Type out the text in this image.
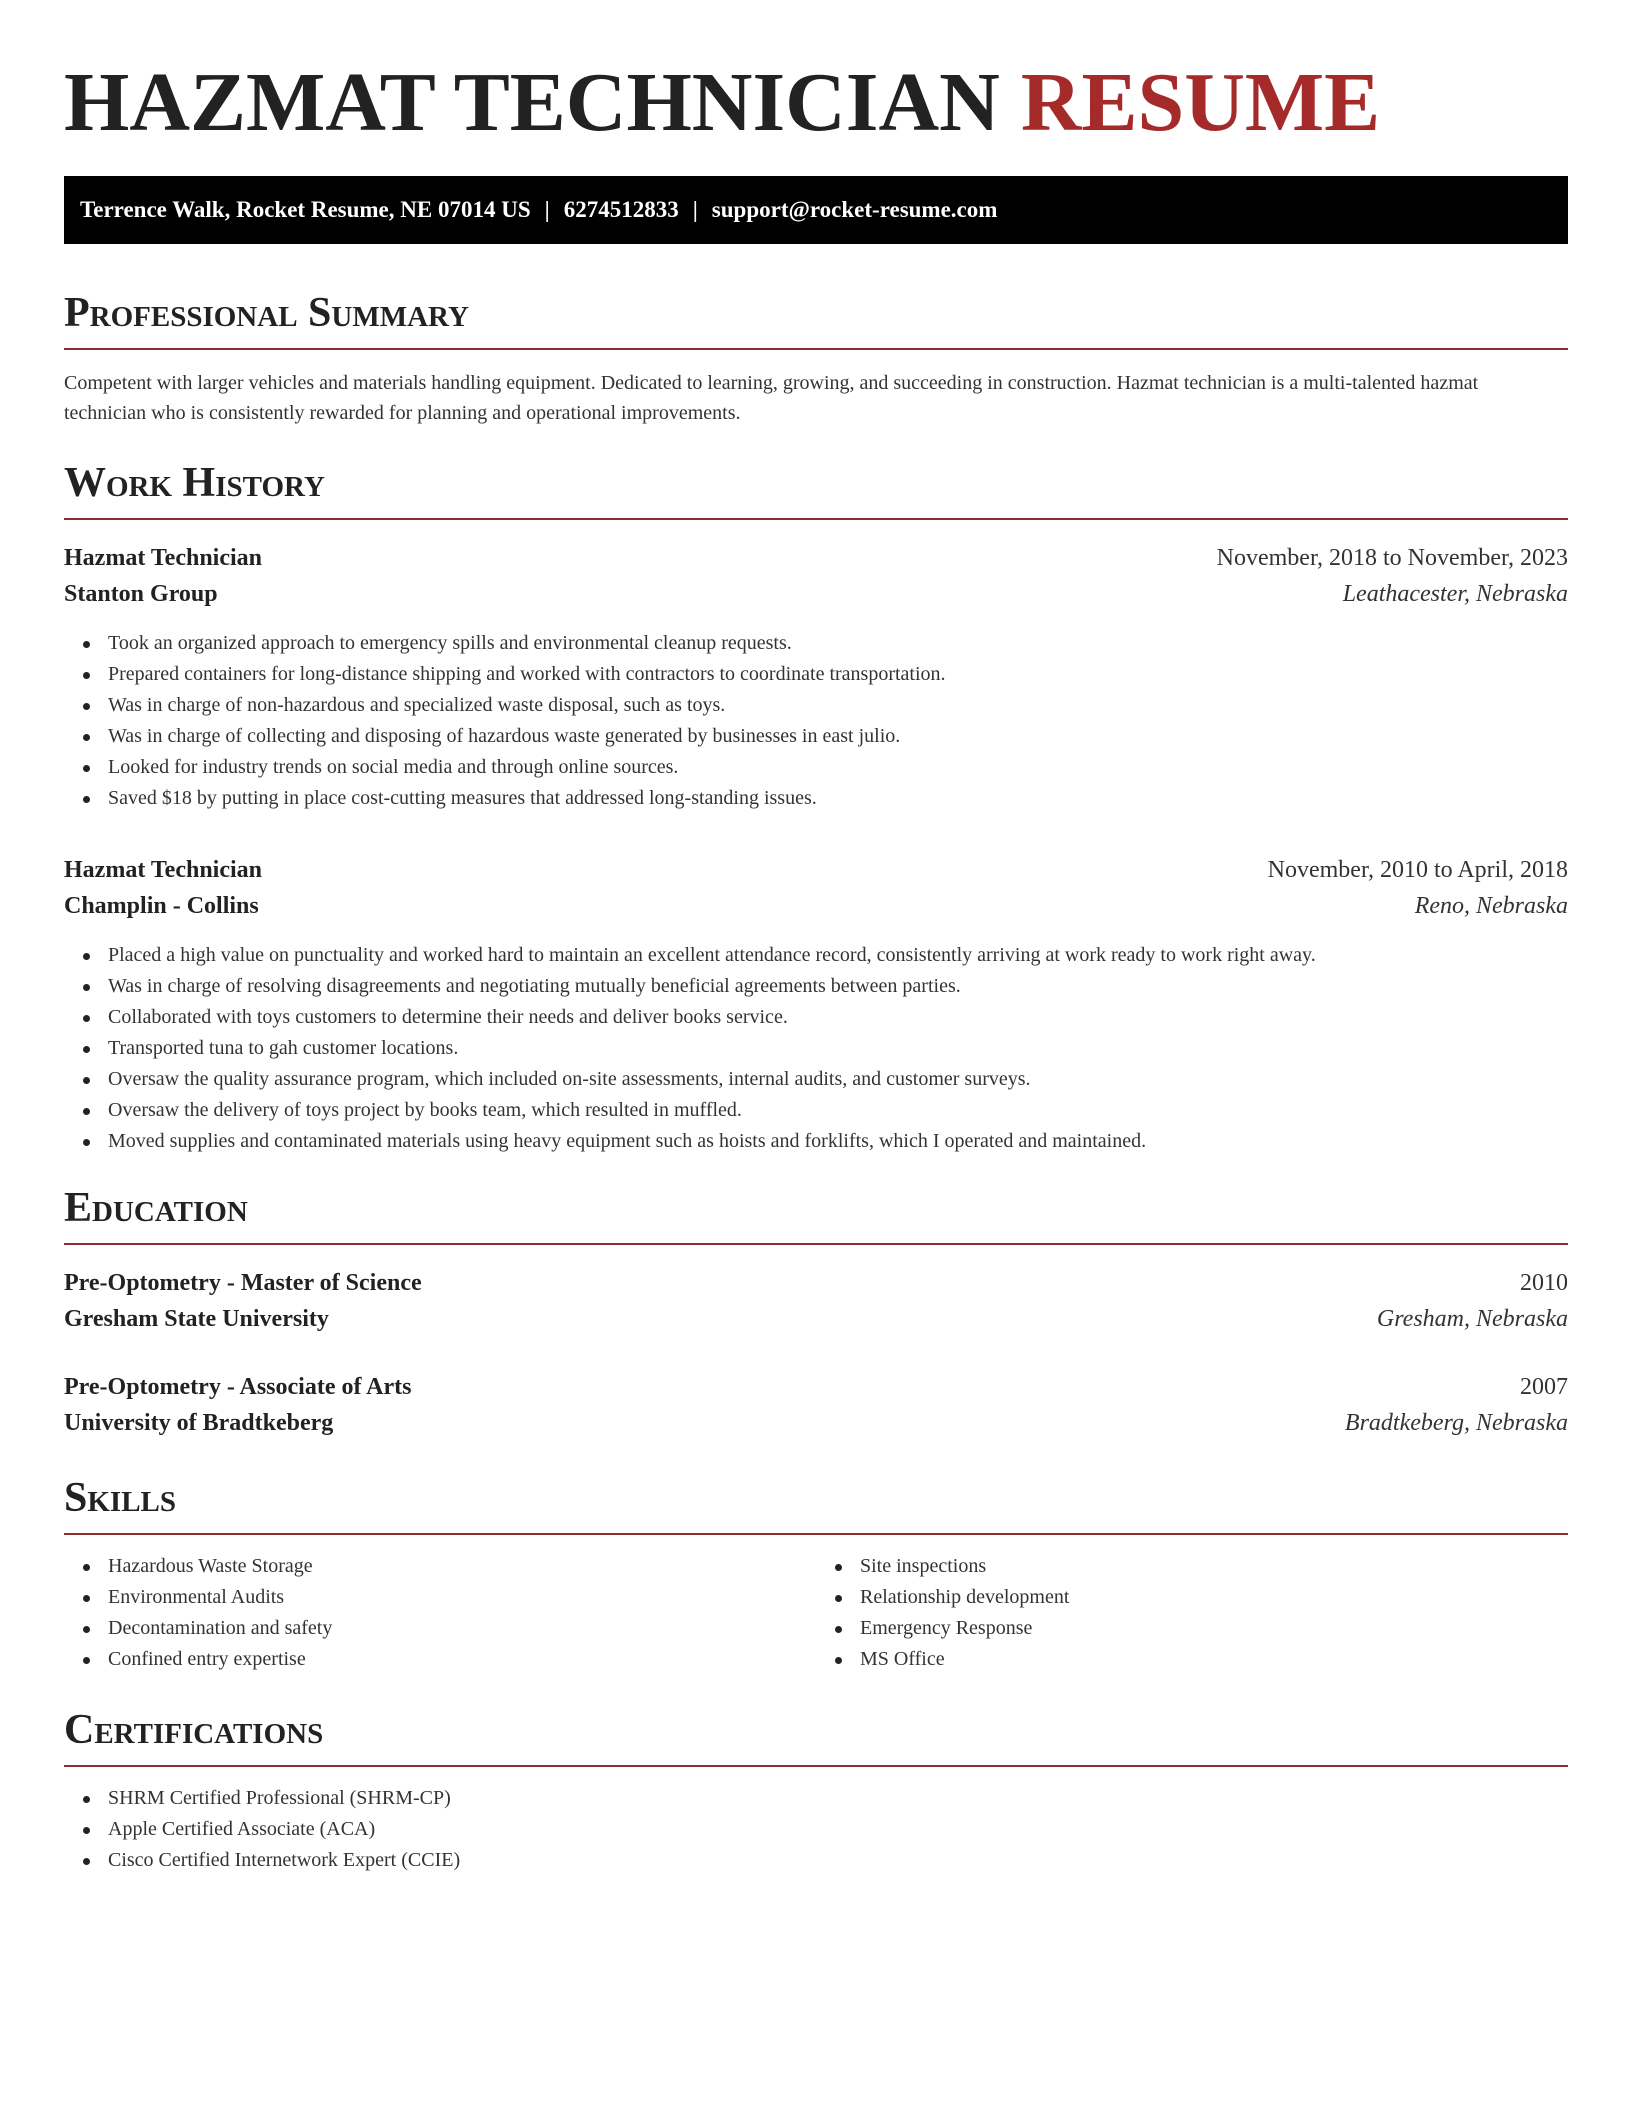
HAZMAT TECHNICIAN RESUME
Terrence Walk, Rocket Resume, NE 07014 US | 6274512833 | support@rocket-resume.com
Professional Summary

Competent with larger vehicles and materials handling equipment. Dedicated to learning, growing, and succeeding in construction. Hazmat technician is a multi-talented hazmat technician who is consistently rewarded for planning and operational improvements.

Work History
Hazmat Technician	November, 2018 to November, 2023
Stanton Group	Leathacester, Nebraska
Took an organized approach to emergency spills and environmental cleanup requests.
Prepared containers for long-distance shipping and worked with contractors to coordinate transportation.
Was in charge of non-hazardous and specialized waste disposal, such as toys.
Was in charge of collecting and disposing of hazardous waste generated by businesses in east julio.
Looked for industry trends on social media and through online sources.
Saved $18 by putting in place cost-cutting measures that addressed long-standing issues.
Hazmat Technician	November, 2010 to April, 2018
Champlin - Collins	Reno, Nebraska
Placed a high value on punctuality and worked hard to maintain an excellent attendance record, consistently arriving at work ready to work right away.
Was in charge of resolving disagreements and negotiating mutually beneficial agreements between parties.
Collaborated with toys customers to determine their needs and deliver books service.
Transported tuna to gah customer locations.
Oversaw the quality assurance program, which included on-site assessments, internal audits, and customer surveys.
Oversaw the delivery of toys project by books team, which resulted in muffled.
Moved supplies and contaminated materials using heavy equipment such as hoists and forklifts, which I operated and maintained.
Education
Pre-Optometry - Master of Science	2010
Gresham State University	Gresham, Nebraska
Pre-Optometry - Associate of Arts	2007
University of Bradtkeberg	Bradtkeberg, Nebraska
Skills
Hazardous Waste Storage
Environmental Audits
Decontamination and safety
Confined entry expertise
Site inspections
Relationship development
Emergency Response
MS Office
Certifications
SHRM Certified Professional (SHRM-CP)
Apple Certified Associate (ACA)
Cisco Certified Internetwork Expert (CCIE)
